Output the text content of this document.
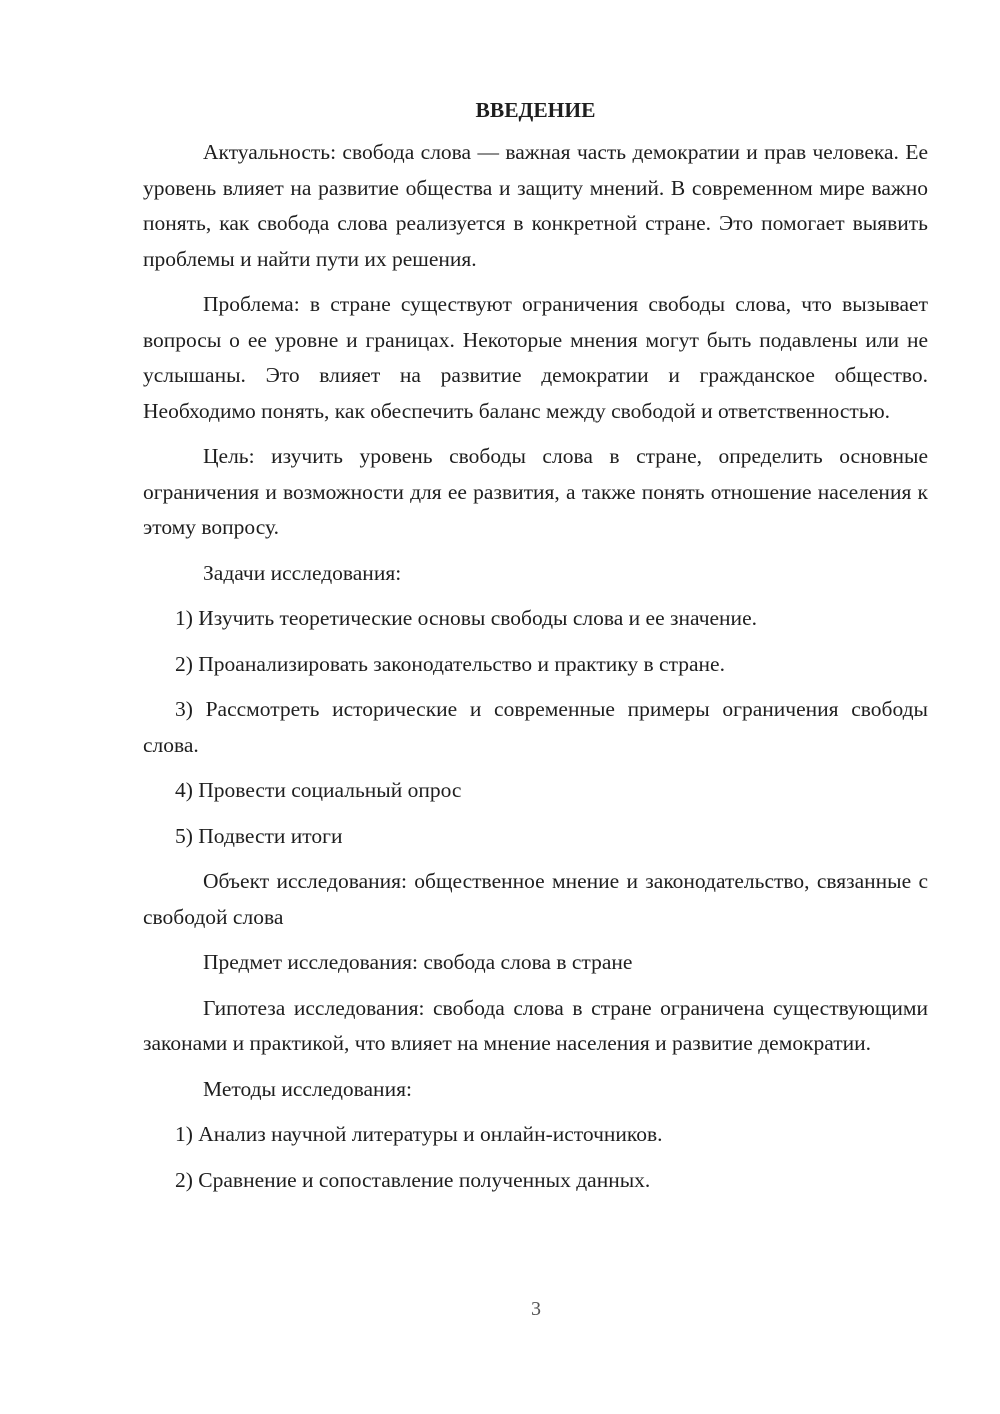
ВВЕДЕНИЕ

Актуальность: свобода слова — важная часть демократии и прав человека. Ее уровень влияет на развитие общества и защиту мнений. В современном мире важно понять, как свобода слова реализуется в конкретной стране. Это помогает выявить проблемы и найти пути их решения.

Проблема: в стране существуют ограничения свободы слова, что вызывает вопросы о ее уровне и границах. Некоторые мнения могут быть подавлены или не услышаны. Это влияет на развитие демократии и гражданское общество. Необходимо понять, как обеспечить баланс между свободой и ответственностью.

Цель: изучить уровень свободы слова в стране, определить основные ограничения и возможности для ее развития, а также понять отношение населения к этому вопросу.

Задачи исследования:

1) Изучить теоретические основы свободы слова и ее значение.

2) Проанализировать законодательство и практику в стране.

3) Рассмотреть исторические и современные примеры ограничения свободы слова.

4) Провести социальный опрос

5) Подвести итоги

Объект исследования: общественное мнение и законодательство, связанные с свободой слова

Предмет исследования: свобода слова в стране

Гипотеза исследования: свобода слова в стране ограничена существующими законами и практикой, что влияет на мнение населения и развитие демократии.

Методы исследования:

1) Анализ научной литературы и онлайн-источников.

2) Сравнение и сопоставление полученных данных.

3
